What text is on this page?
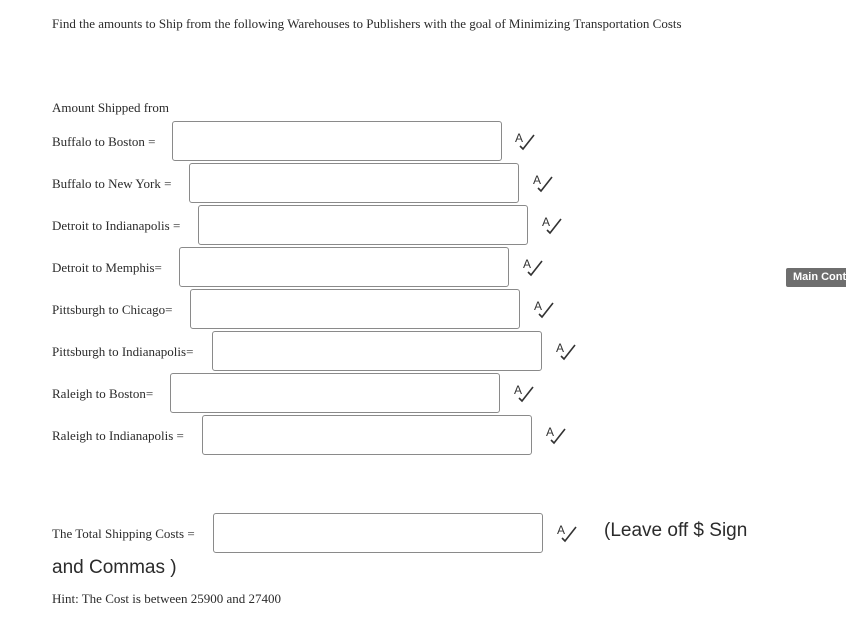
Find the amounts to Ship from the following Warehouses to Publishers with the goal of Minimizing Transportation Costs
Amount Shipped from
Buffalo to Boston =	A
Buffalo to New York =	A
Detroit to Indianapolis =	A
Detroit to Memphis=	A
Pittsburgh to Chicago=	A
Pittsburgh to Indianapolis=	A
Raleigh to Boston=	A
Raleigh to Indianapolis =	A
Main Content
The Total Shipping Costs =	A (Leave off $ Sign
and Commas )
Hint: The Cost is between 25900 and 27400
